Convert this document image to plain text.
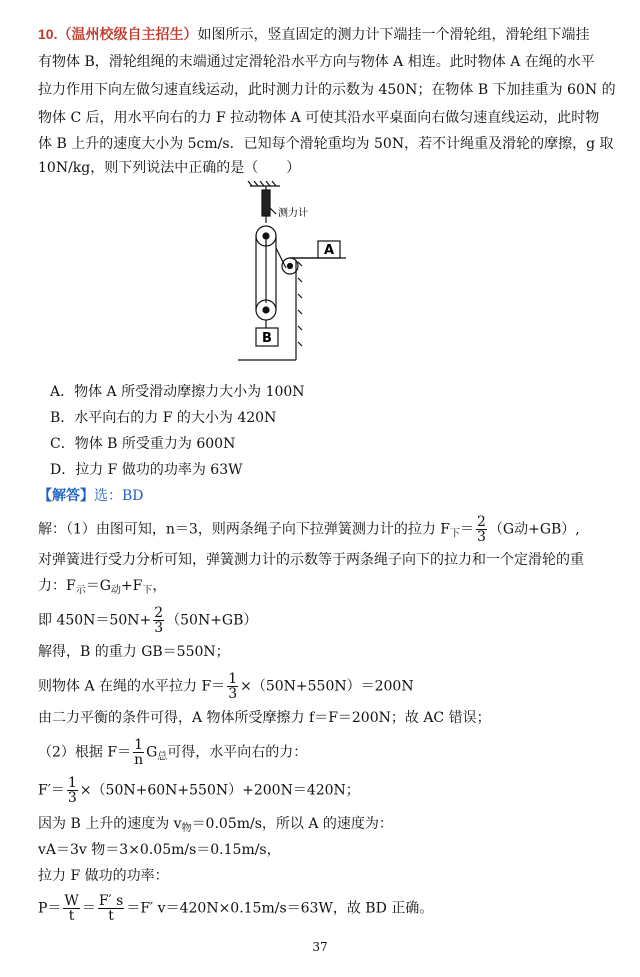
10.（温州校级自主招生）如图所示，竖直固定的测力计下端挂一个滑轮组，滑轮组下端挂
有物体 B，滑轮组绳的末端通过定滑轮沿水平方向与物体 A 相连。此时物体 A 在绳的水平
拉力作用下向左做匀速直线运动，此时测力计的示数为 450N；在物体 B 下加挂重为 60N 的
物体 C 后，用水平向右的力 F 拉动物体 A 可使其沿水平桌面向右做匀速直线运动，此时物
体 B 上升的速度大小为 5cm/s．已知每个滑轮重均为 50N，若不计绳重及滑轮的摩擦，g 取
10N/kg，则下列说法中正确的是（　　）
测力计
A
B
A．物体 A 所受滑动摩擦力大小为 100N
B．水平向右的力 F 的大小为 420N
C．物体 B 所受重力为 600N
D．拉力 F 做功的功率为 63W
【解答】选：BD
解：（1）由图可知，n＝3，则两条绳子向下拉弹簧测力计的拉力 $F_下= \frac{2}{3} (G$动+GB）,
对弹簧进行受力分析可知，弹簧测力计的示数等于两条绳子向下的拉力和一个定滑轮的重
力：$F_示=G_动+F_下$，
即 $450N=50N+ \frac{2}{3} (50N+GB)$
解得，B 的重力 GB＝550N；
则物体 A 在绳的水平拉力 $F= \frac{1}{3} \times(50N+550N)=200N$
由二力平衡的条件可得，A 物体所受摩擦力 f＝F＝200N；故 AC 错误；
（2）根据 $F= \frac{1}{n} G_总$可得，水平向右的力：
$F'= \frac{1}{3} \times(50N+60N+550N)+200N=420N$；
因为 B 上升的速度为 $v_物=0.05m/s$，所以 A 的速度为：
vA＝3v 物＝3×0.05m/s＝0.15m/s，
拉力 F 做功的功率：
$P= \frac{W}{t} = \frac{F' s}{t} =F'$ v＝420N×0.15m/s＝63W，故 BD 正确。
37
